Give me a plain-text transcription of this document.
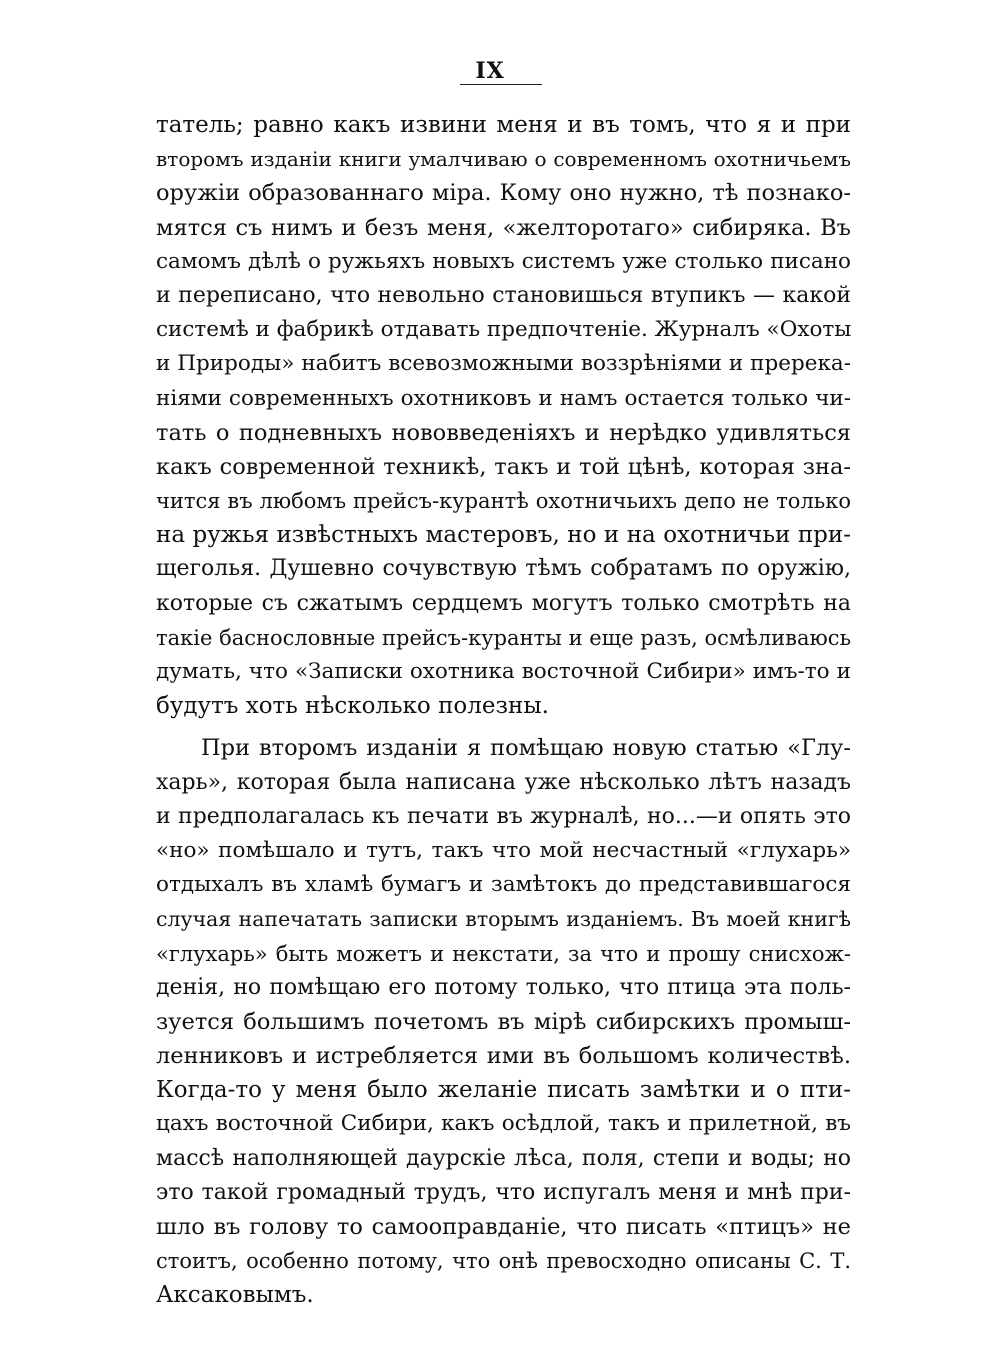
IX
татель; равно какъ извини меня и въ томъ, что я и при
второмъ изданіи книги умалчиваю о современномъ охотничьемъ
оружіи образованнаго міра. Кому оно нужно, тѣ познако-
мятся съ нимъ и безъ меня, «желторотаго» сибиряка. Въ
самомъ дѣлѣ о ружьяхъ новыхъ системъ уже столько писано
и переписано, что невольно становишься втупикъ — какой
системѣ и фабрикѣ отдавать предпочтеніе. Журналъ «Охоты
и Природы» набитъ всевозможными воззрѣніями и пререка-
ніями современныхъ охотниковъ и намъ остается только чи-
тать о подневныхъ нововведеніяхъ и нерѣдко удивляться
какъ современной техникѣ, такъ и той цѣнѣ, которая зна-
чится въ любомъ прейсъ-курантѣ охотничьихъ депо не только
на ружья извѣстныхъ мастеровъ, но и на охотничьи при-
щеголья. Душевно сочувствую тѣмъ собратамъ по оружію,
которые съ сжатымъ сердцемъ могутъ только смотрѣть на
такіе баснословные прейсъ-куранты и еще разъ, осмѣливаюсь
думать, что «Записки охотника восточной Сибири» имъ-то и
будутъ хоть нѣсколько полезны.
При второмъ изданіи я помѣщаю новую статью «Глу-
харь», которая была написана уже нѣсколько лѣтъ назадъ
и предполагалась къ печати въ журналѣ, но...—и опять это
«но» помѣшало и тутъ, такъ что мой несчастный «глухарь»
отдыхалъ въ хламѣ бумагъ и замѣтокъ до представившагося
случая напечатать записки вторымъ изданіемъ. Въ моей книгѣ
«глухарь» быть можетъ и некстати, за что и прошу снисхож-
денія, но помѣщаю его потому только, что птица эта поль-
зуется большимъ почетомъ въ мірѣ сибирскихъ промыш-
ленниковъ и истребляется ими въ большомъ количествѣ.
Когда-то у меня было желаніе писать замѣтки и о пти-
цахъ восточной Сибири, какъ осѣдлой, такъ и прилетной, въ
массѣ наполняющей даурскіе лѣса, поля, степи и воды; но
это такой громадный трудъ, что испугалъ меня и мнѣ при-
шло въ голову то самооправданіе, что писать «птицъ» не
стоитъ, особенно потому, что онѣ превосходно описаны С. Т.
Аксаковымъ.
